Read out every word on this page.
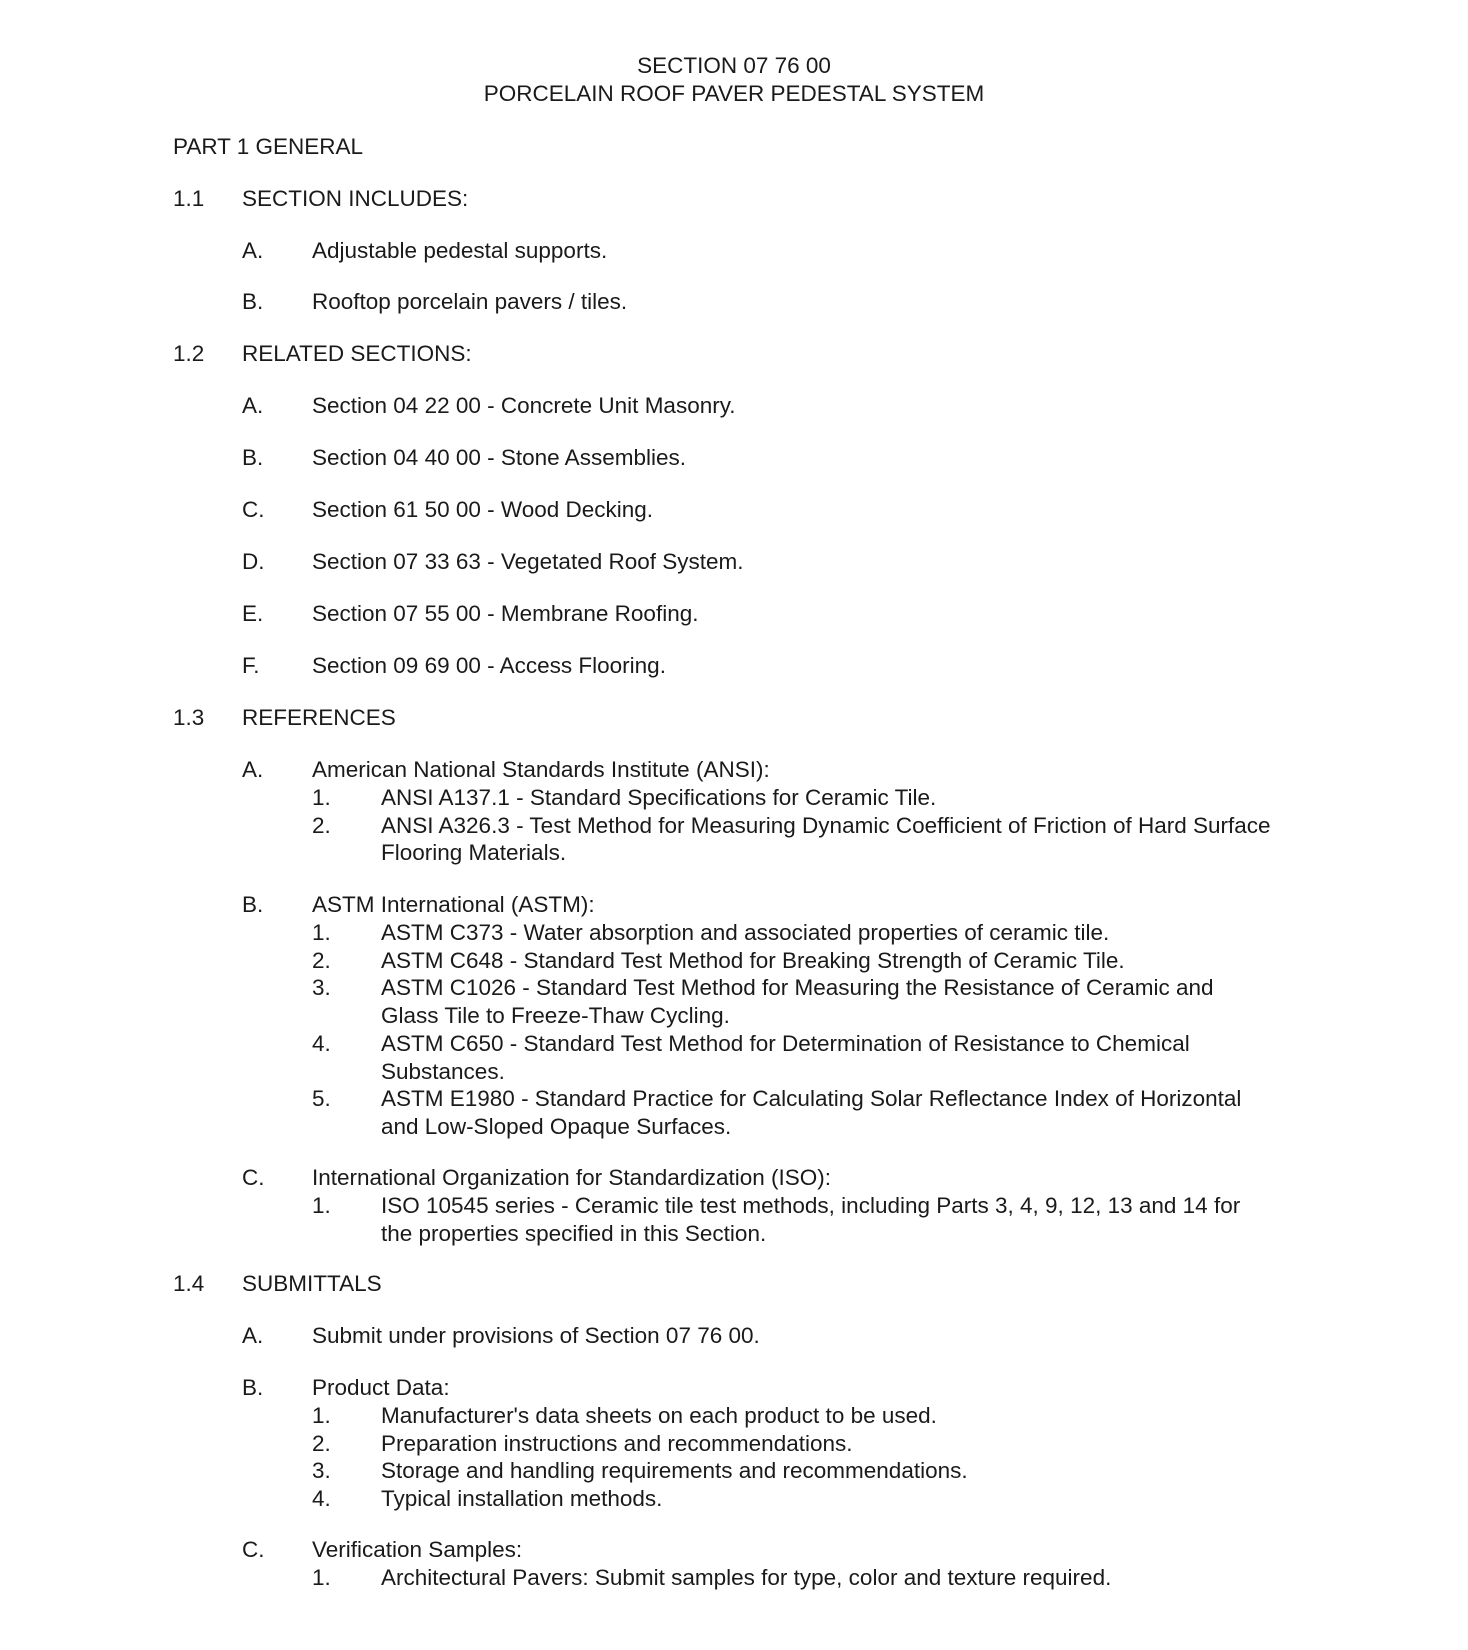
SECTION 07 76 00
PORCELAIN ROOF PAVER PEDESTAL SYSTEM
PART 1 GENERAL
1.1 SECTION INCLUDES:
A. Adjustable pedestal supports.
B. Rooftop porcelain pavers / tiles.
1.2 RELATED SECTIONS:
A. Section 04 22 00 - Concrete Unit Masonry.
B. Section 04 40 00 - Stone Assemblies.
C. Section 61 50 00 - Wood Decking.
D. Section 07 33 63 - Vegetated Roof System.
E. Section 07 55 00 - Membrane Roofing.
F. Section 09 69 00 - Access Flooring.
1.3 REFERENCES
A. American National Standards Institute (ANSI):
1. ANSI A137.1 - Standard Specifications for Ceramic Tile.
2. ANSI A326.3 - Test Method for Measuring Dynamic Coefficient of Friction of Hard Surface Flooring Materials.
B. ASTM International (ASTM):
1. ASTM C373 - Water absorption and associated properties of ceramic tile.
2. ASTM C648 - Standard Test Method for Breaking Strength of Ceramic Tile.
3. ASTM C1026 - Standard Test Method for Measuring the Resistance of Ceramic and Glass Tile to Freeze-Thaw Cycling.
4. ASTM C650 - Standard Test Method for Determination of Resistance to Chemical Substances.
5. ASTM E1980 - Standard Practice for Calculating Solar Reflectance Index of Horizontal and Low-Sloped Opaque Surfaces.
C. International Organization for Standardization (ISO):
1. ISO 10545 series - Ceramic tile test methods, including Parts 3, 4, 9, 12, 13 and 14 for the properties specified in this Section.
1.4 SUBMITTALS
A. Submit under provisions of Section 07 76 00.
B. Product Data:
1. Manufacturer's data sheets on each product to be used.
2. Preparation instructions and recommendations.
3. Storage and handling requirements and recommendations.
4. Typical installation methods.
C. Verification Samples:
1. Architectural Pavers: Submit samples for type, color and texture required.
